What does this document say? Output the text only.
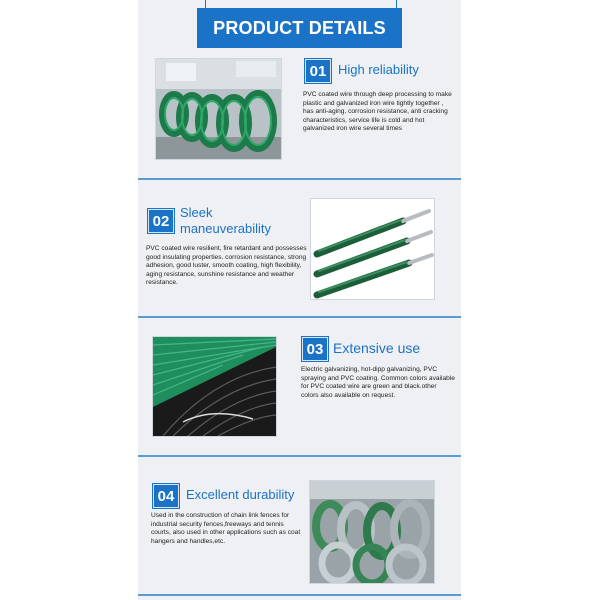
PRODUCT DETAILS
01 High reliability
PVC coated wire through deep processing to make plastic and galvanized iron wire tightly together , has anti-aging, corrosion resistance, anti cracking characteristics, service life is cold and hot galvanized iron wire several times
02 Sleek
maneuverability
PVC coated wire resilient, fire retardant and possesses good insulating properties. corrosion resistance, strong adhesion, good luster, smooth coating, high flexibility, aging resistance, sunshine resistance and weather resistance.
03 Extensive use
Electric galvanizing, hot-dipp galvanizing, PVC spraying and PVC coating. Common colors available for PVC coated wire are green and black.other colors also available on request.
04 Excellent durability
Used in the construction of chain link fences for industrial security fences,freeways and tennis courts, also used in other applications such as coat hangers and handles,etc.
